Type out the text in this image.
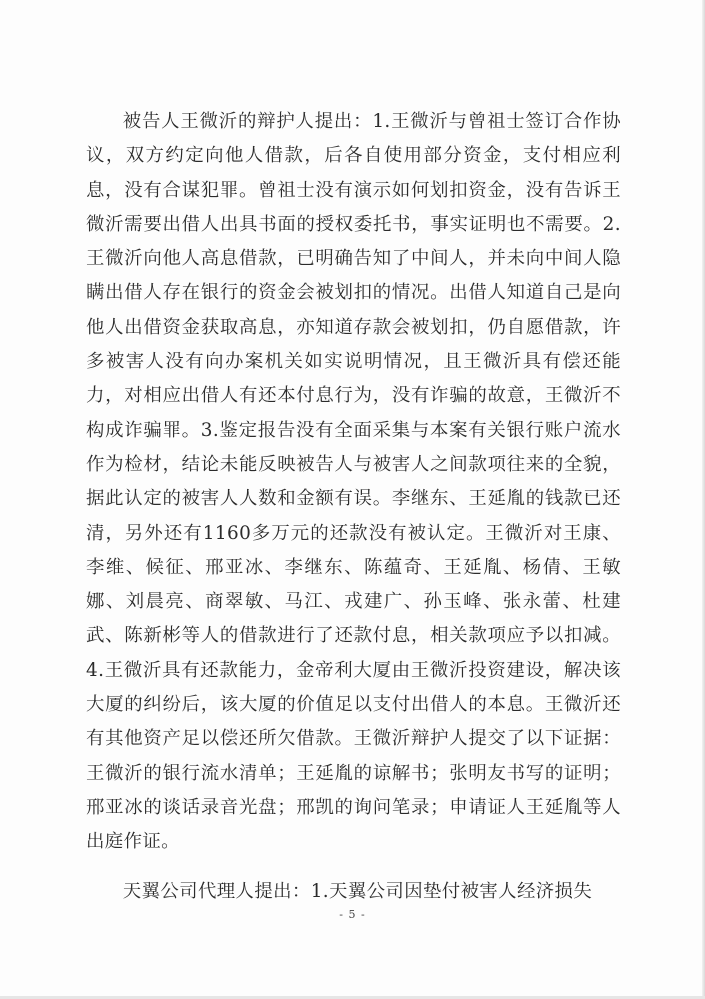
被告人王微沂的辩护人提出：1.王微沂与曾祖士签订合作协议，双方约定向他人借款，后各自使用部分资金，支付相应利息，没有合谋犯罪。曾祖士没有演示如何划扣资金，没有告诉王微沂需要出借人出具书面的授权委托书，事实证明也不需要。2.王微沂向他人高息借款，已明确告知了中间人，并未向中间人隐瞒出借人存在银行的资金会被划扣的情况。出借人知道自己是向他人出借资金获取高息，亦知道存款会被划扣，仍自愿借款，许多被害人没有向办案机关如实说明情况，且王微沂具有偿还能力，对相应出借人有还本付息行为，没有诈骗的故意，王微沂不构成诈骗罪。3.鉴定报告没有全面采集与本案有关银行账户流水作为检材，结论未能反映被告人与被害人之间款项往来的全貌，据此认定的被害人人数和金额有误。李继东、王延胤的钱款已还清，另外还有1160多万元的还款没有被认定。王微沂对王康、李维、候征、邢亚冰、李继东、陈蕴奇、王延胤、杨倩、王敏娜、刘晨亮、商翠敏、马江、戎建广、孙玉峰、张永蕾、杜建武、陈新彬等人的借款进行了还款付息，相关款项应予以扣减。4.王微沂具有还款能力，金帝利大厦由王微沂投资建设，解决该大厦的纠纷后，该大厦的价值足以支付出借人的本息。王微沂还有其他资产足以偿还所欠借款。王微沂辩护人提交了以下证据：王微沂的银行流水清单；王延胤的谅解书；张明友书写的证明；邢亚冰的谈话录音光盘；邢凯的询问笔录；申请证人王延胤等人出庭作证。

天翼公司代理人提出：1.天翼公司因垫付被害人经济损失

- 5 -
